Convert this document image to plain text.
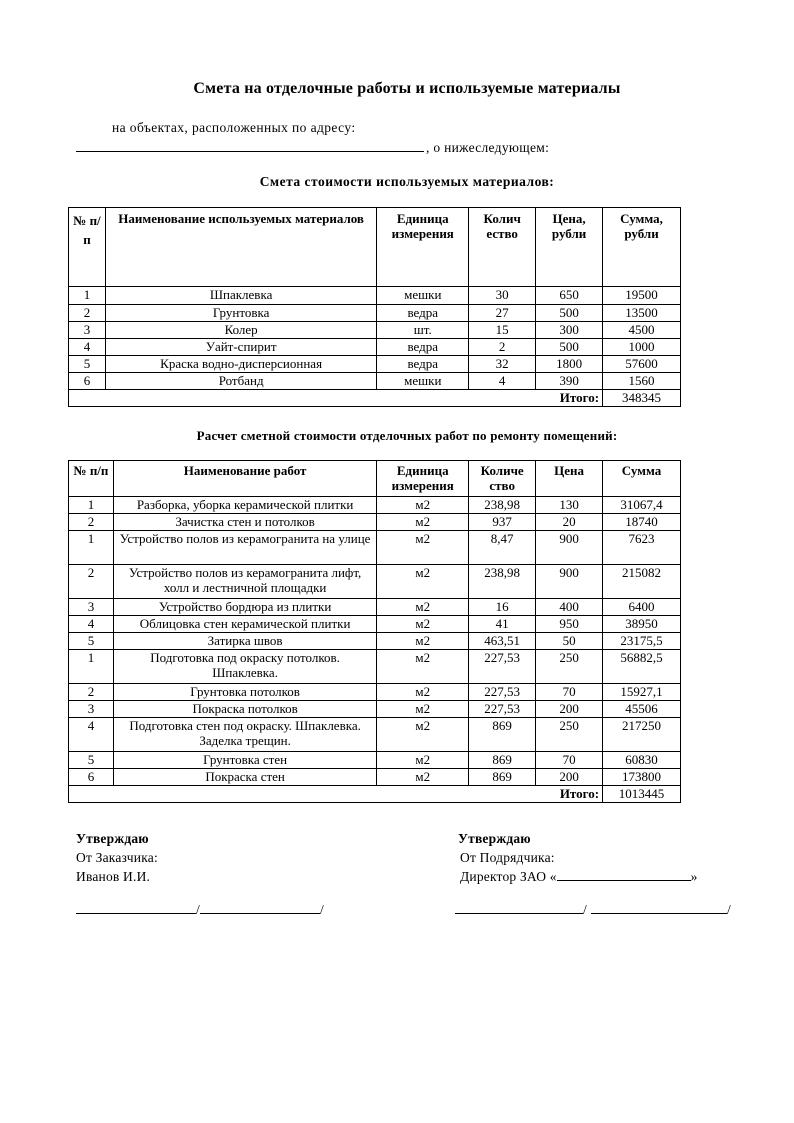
Смета на отделочные работы и используемые материалы
на объектах, расположенных по адресу:
, о нижеследующем:
Смета стоимости используемых материалов:
№ п/ п	Наименование используемых материалов	Единица измерения	Колич ество	Цена, рубли	Сумма, рубли
1	Шпаклевка	мешки	30	650	19500
2	Грунтовка	ведра	27	500	13500
3	Колер	шт.	15	300	4500
4	Уайт-спирит	ведра	2	500	1000
5	Краска водно-дисперсионная	ведра	32	1800	57600
6	Ротбанд	мешки	4	390	1560
				Итого:	348345
Расчет сметной стоимости отделочных работ по ремонту помещений:
№ п/п	Наименование работ	Единица измерения	Количе ство	Цена	Сумма
1	Разборка, уборка керамической плитки	м2	238,98	130	31067,4
2	Зачистка стен и потолков	м2	937	20	18740
1	Устройство полов из керамогранита на улице	м2	8,47	900	7623
2	Устройство полов из керамогранита лифт, холл и лестничной площадки	м2	238,98	900	215082
3	Устройство бордюра из плитки	м2	16	400	6400
4	Облицовка стен керамической плитки	м2	41	950	38950
5	Затирка швов	м2	463,51	50	23175,5
1	Подготовка под окраску потолков. Шпаклевка.	м2	227,53	250	56882,5
2	Грунтовка потолков	м2	227,53	70	15927,1
3	Покраска потолков	м2	227,53	200	45506
4	Подготовка стен под окраску. Шпаклевка. Заделка трещин.	м2	869	250	217250
5	Грунтовка стен	м2	869	70	60830
6	Покраска стен	м2	869	200	173800
				Итого:	1013445
Утверждаю
От Заказчика:
Иванов И.И.
/	/
Утверждаю
От Подрядчика:
Директор ЗАО «	»
/	/
